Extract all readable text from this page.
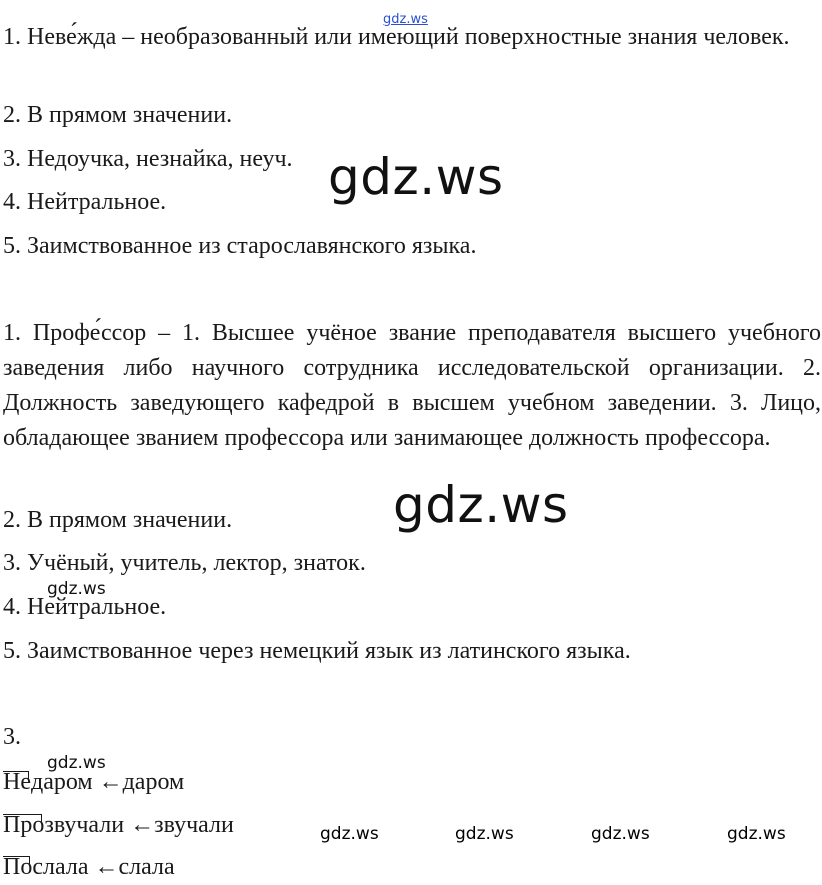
gdz.ws
1. Неве́жда – необразованный или имеющий поверхностные знания человек.
2. В прямом значении.
3. Недоучка, незнайка, неуч.
4. Нейтральное.
5. Заимствованное из старославянского языка.
gdz.ws
1. Профе́ссор – 1. Высшее учёное звание преподавателя высшего учебного заведения либо научного сотрудника исследовательской организации. 2. Должность заведующего кафедрой в высшем учебном заведении. 3. Лицо, обладающее званием профессора или занимающее должность профессора.
2. В прямом значении.
3. Учёный, учитель, лектор, знаток.
4. Нейтральное.
5. Заимствованное через немецкий язык из латинского языка.
gdz.ws
gdz.ws
3.
gdz.ws
Недаром ←даром
Прозвучали ←звучали
Послала ←слала
gdz.ws	gdz.ws	gdz.ws	gdz.ws
